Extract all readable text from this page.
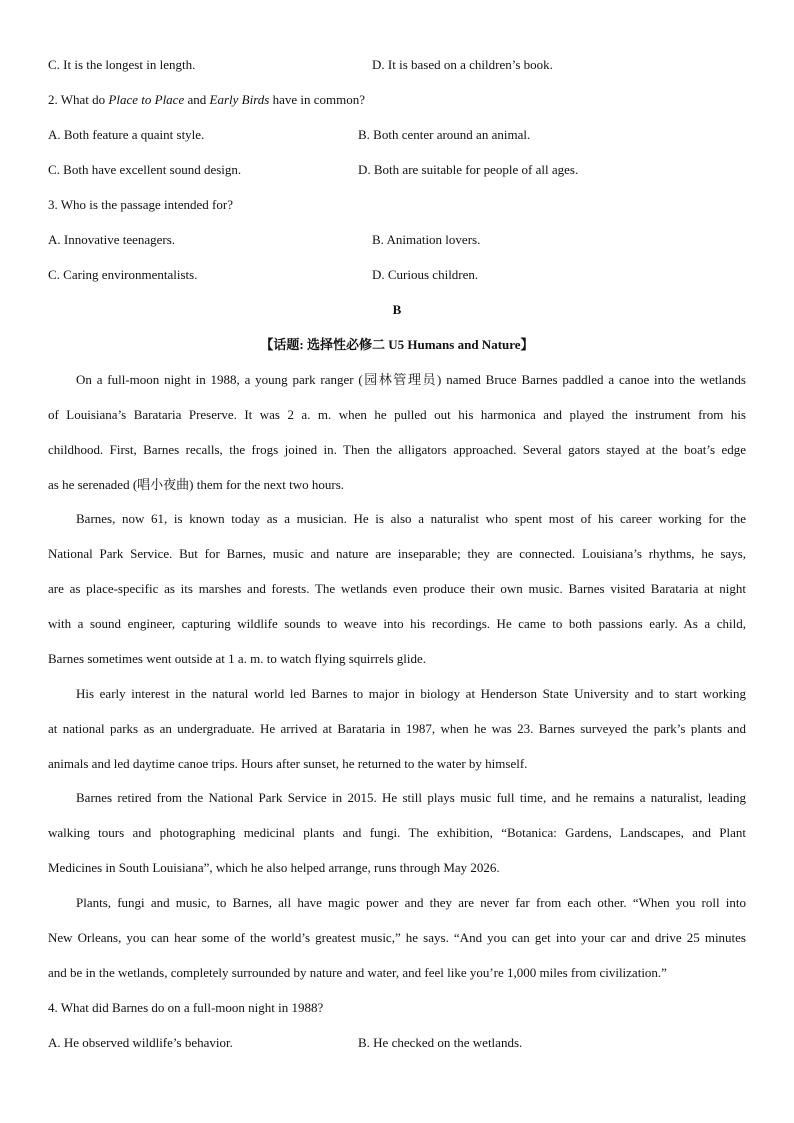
C. It is the longest in length.	D. It is based on a children’s book.
2. What do Place to Place and Early Birds have in common?
A. Both feature a quaint style.	B. Both center around an animal.
C. Both have excellent sound design.	D. Both are suitable for people of all ages.
3. Who is the passage intended for?
A. Innovative teenagers.	B. Animation lovers.
C. Caring environmentalists.	D. Curious children.
B
【话题: 选择性必修二 U5 Humans and Nature】
On a full-moon night in 1988, a young park ranger (园林管理员) named Bruce Barnes paddled a canoe into the wetlands
of Louisiana’s Barataria Preserve. It was 2 a. m. when he pulled out his harmonica and played the instrument from his
childhood. First, Barnes recalls, the frogs joined in. Then the alligators approached. Several gators stayed at the boat’s edge
as he serenaded (唱小夜曲) them for the next two hours.
Barnes, now 61, is known today as a musician. He is also a naturalist who spent most of his career working for the
National Park Service. But for Barnes, music and nature are inseparable; they are connected. Louisiana’s rhythms, he says,
are as place-specific as its marshes and forests. The wetlands even produce their own music. Barnes visited Barataria at night
with a sound engineer, capturing wildlife sounds to weave into his recordings. He came to both passions early. As a child,
Barnes sometimes went outside at 1 a. m. to watch flying squirrels glide.
His early interest in the natural world led Barnes to major in biology at Henderson State University and to start working
at national parks as an undergraduate. He arrived at Barataria in 1987, when he was 23. Barnes surveyed the park’s plants and
animals and led daytime canoe trips. Hours after sunset, he returned to the water by himself.
Barnes retired from the National Park Service in 2015. He still plays music full time, and he remains a naturalist, leading
walking tours and photographing medicinal plants and fungi. The exhibition, “Botanica: Gardens, Landscapes, and Plant
Medicines in South Louisiana”, which he also helped arrange, runs through May 2026.
Plants, fungi and music, to Barnes, all have magic power and they are never far from each other. “When you roll into
New Orleans, you can hear some of the world’s greatest music,” he says. “And you can get into your car and drive 25 minutes
and be in the wetlands, completely surrounded by nature and water, and feel like you’re 1,000 miles from civilization.”
4. What did Barnes do on a full-moon night in 1988?
A. He observed wildlife’s behavior.	B. He checked on the wetlands.
